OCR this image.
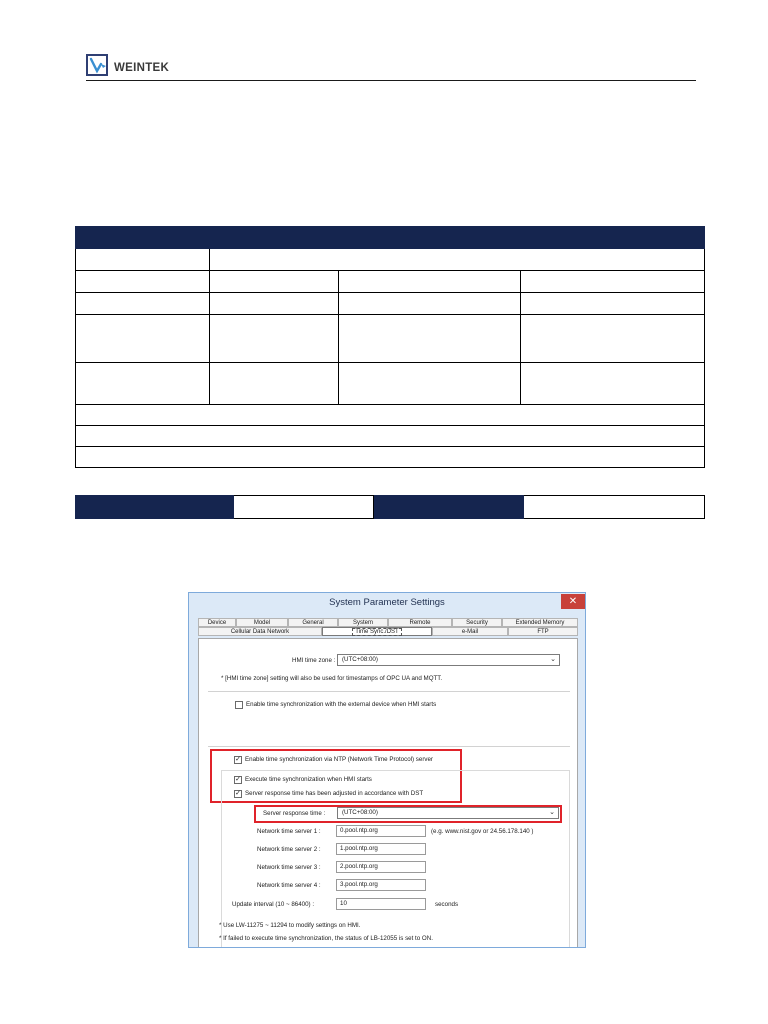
WEINTEK

System Parameter Settings	✕
Device	Model	General	System	Remote	Security	Extended Memory
Cellular Data Network	Time Sync./DST	e-Mail	FTP
HMI time zone :	(UTC+08:00)	⌄
* [HMI time zone] setting will also be used for timestamps of OPC UA and MQTT.
Enable time synchronization with the external device when HMI starts
✓ Enable time synchronization via NTP (Network Time Protocol) server
✓ Execute time synchronization when HMI starts
✓ Server response time has been adjusted in accordance with DST
Server response time :	(UTC+08:00)	⌄
Network time server 1 :	0.pool.ntp.org	(e.g. www.nist.gov or 24.56.178.140 )
Network time server 2 :	1.pool.ntp.org
Network time server 3 :	2.pool.ntp.org
Network time server 4 :	3.pool.ntp.org
Update interval (10 ~ 86400) :	10	seconds
* Use LW-11275 ~ 11294 to modify settings on HMI.
* If failed to execute time synchronization, the status of LB-12055 is set to ON.
